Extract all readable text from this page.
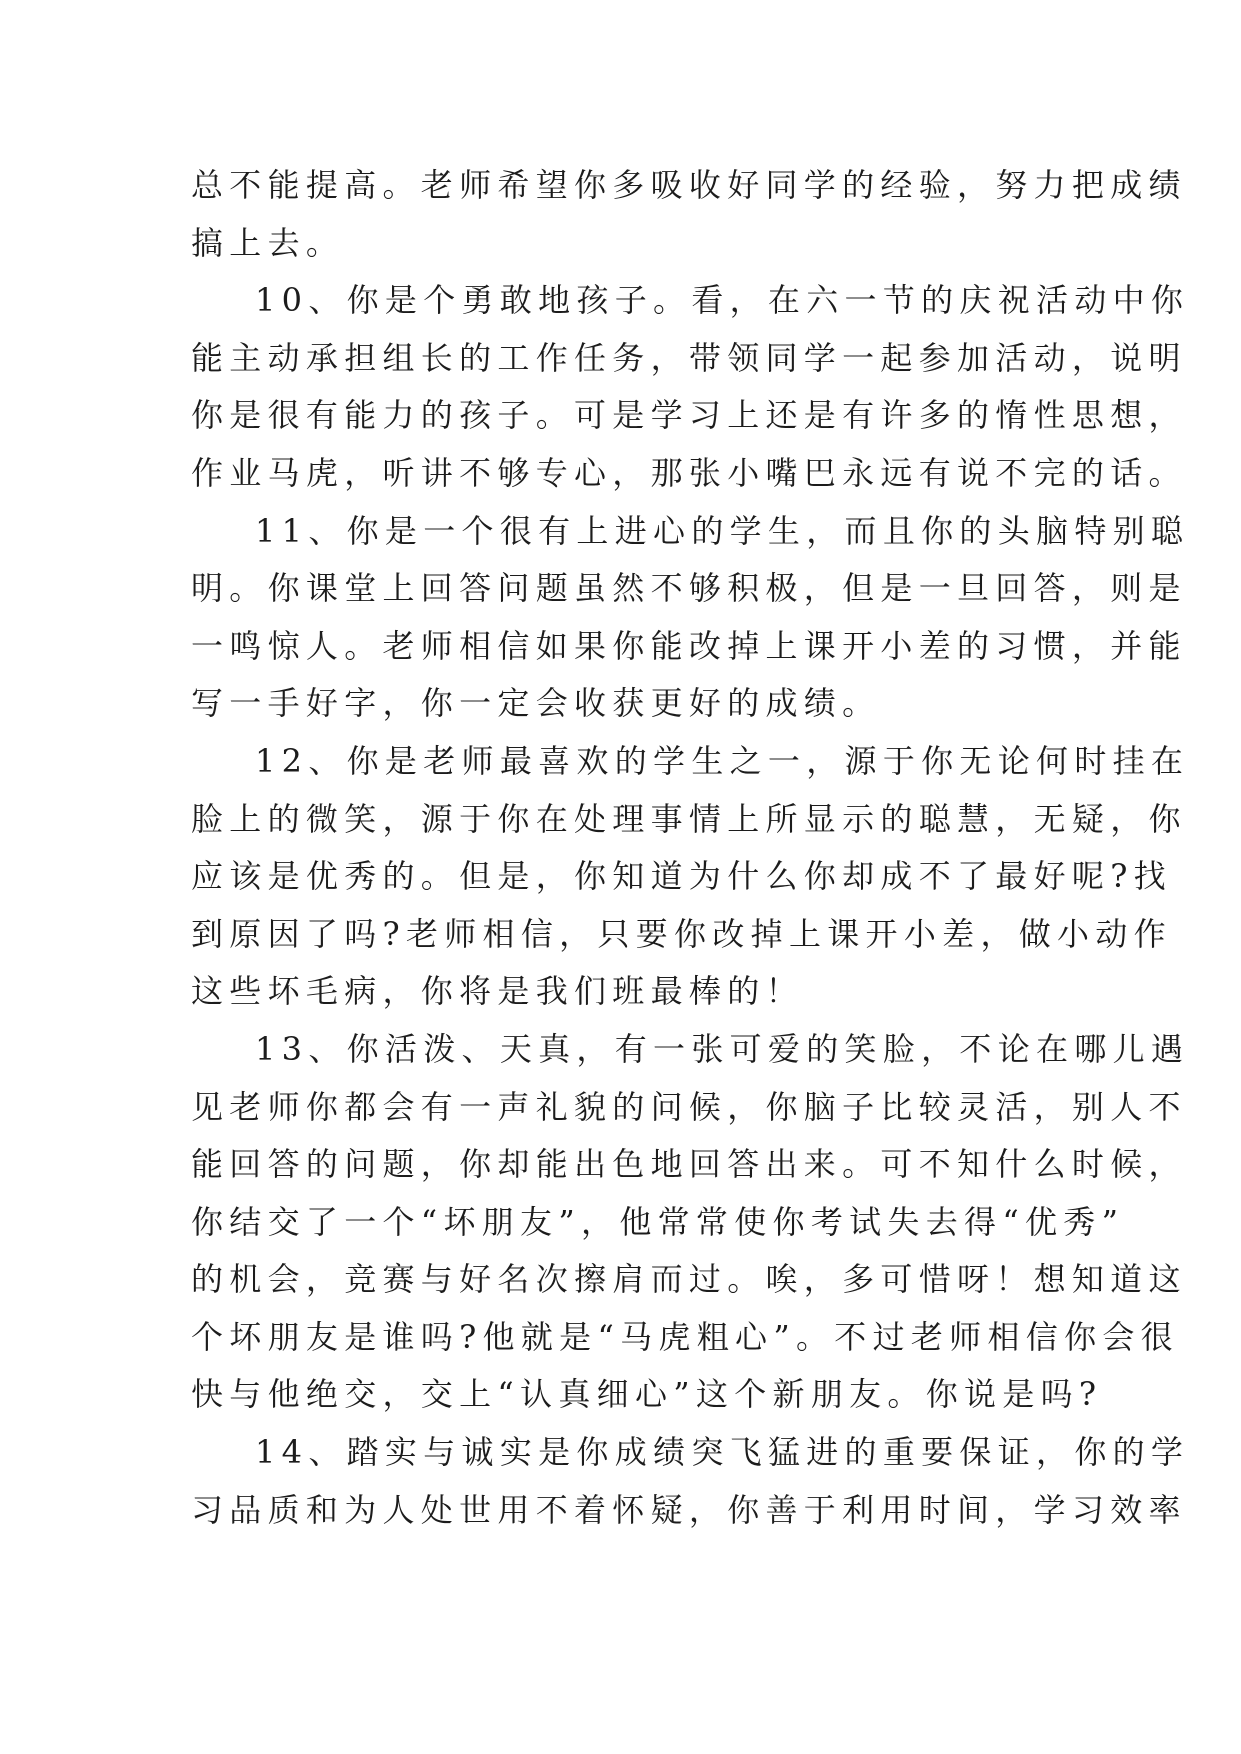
总不能提高。老师希望你多吸收好同学的经验，努力把成绩
搞上去。
10、你是个勇敢地孩子。看，在六一节的庆祝活动中你
能主动承担组长的工作任务，带领同学一起参加活动，说明
你是很有能力的孩子。可是学习上还是有许多的惰性思想，
作业马虎，听讲不够专心，那张小嘴巴永远有说不完的话。
11、你是一个很有上进心的学生，而且你的头脑特别聪
明。你课堂上回答问题虽然不够积极，但是一旦回答，则是
一鸣惊人。老师相信如果你能改掉上课开小差的习惯，并能
写一手好字，你一定会收获更好的成绩。
12、你是老师最喜欢的学生之一，源于你无论何时挂在
脸上的微笑，源于你在处理事情上所显示的聪慧，无疑，你
应该是优秀的。但是，你知道为什么你却成不了最好呢?找
到原因了吗?老师相信，只要你改掉上课开小差，做小动作
这些坏毛病，你将是我们班最棒的！
13、你活泼、天真，有一张可爱的笑脸，不论在哪儿遇
见老师你都会有一声礼貌的问候，你脑子比较灵活，别人不
能回答的问题，你却能出色地回答出来。可不知什么时候，
你结交了一个“坏朋友”，他常常使你考试失去得“优秀”
的机会，竞赛与好名次擦肩而过。唉，多可惜呀！想知道这
个坏朋友是谁吗?他就是“马虎粗心”。不过老师相信你会很
快与他绝交，交上“认真细心”这个新朋友。你说是吗?
14、踏实与诚实是你成绩突飞猛进的重要保证，你的学
习品质和为人处世用不着怀疑，你善于利用时间，学习效率
